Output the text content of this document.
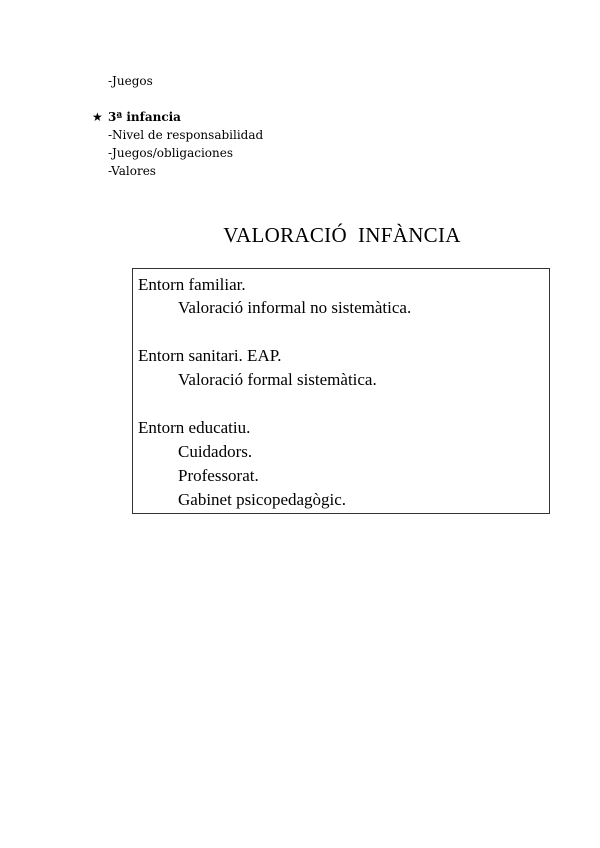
-Juegos
★ 3ª infancia
-Nivel de responsabilidad
-Juegos/obligaciones
-Valores
VALORACIÓ  INFÀNCIA
Entorn familiar.
Valoració informal no sistemàtica.
Entorn sanitari. EAP.
Valoració formal sistemàtica.
Entorn educatiu.
Cuidadors.
Professorat.
Gabinet psicopedagògic.
